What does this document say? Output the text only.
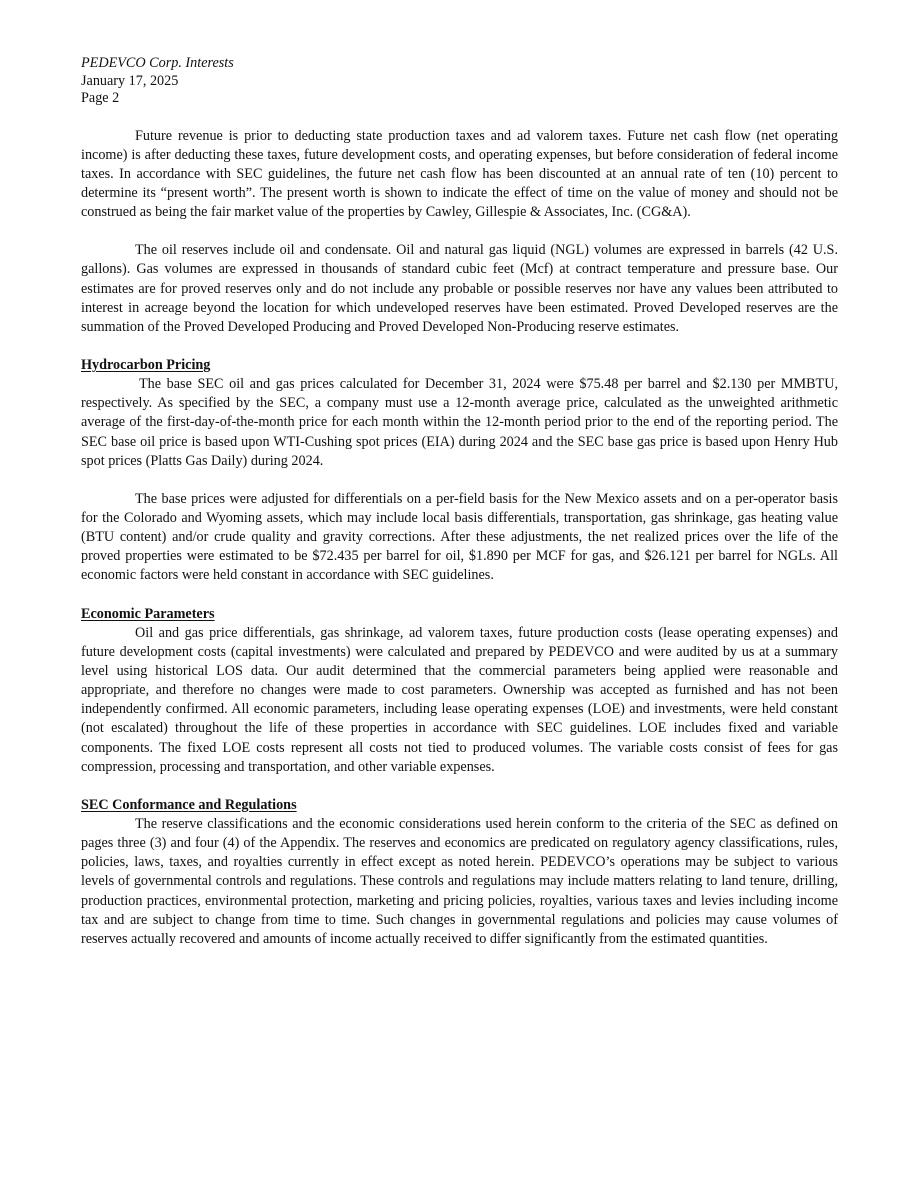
PEDEVCO Corp. Interests
January 17, 2025
Page 2

Future revenue is prior to deducting state production taxes and ad valorem taxes. Future net cash flow (net operating income) is after deducting these taxes, future development costs, and operating expenses, but before consideration of federal income taxes. In accordance with SEC guidelines, the future net cash flow has been discounted at an annual rate of ten (10) percent to determine its “present worth”. The present worth is shown to indicate the effect of time on the value of money and should not be construed as being the fair market value of the properties by Cawley, Gillespie & Associates, Inc. (CG&A).

The oil reserves include oil and condensate. Oil and natural gas liquid (NGL) volumes are expressed in barrels (42 U.S. gallons). Gas volumes are expressed in thousands of standard cubic feet (Mcf) at contract temperature and pressure base. Our estimates are for proved reserves only and do not include any probable or possible reserves nor have any values been attributed to interest in acreage beyond the location for which undeveloped reserves have been estimated. Proved Developed reserves are the summation of the Proved Developed Producing and Proved Developed Non-Producing reserve estimates.

Hydrocarbon Pricing

The base SEC oil and gas prices calculated for December 31, 2024 were $75.48 per barrel and $2.130 per MMBTU, respectively. As specified by the SEC, a company must use a 12-month average price, calculated as the unweighted arithmetic average of the first-day-of-the-month price for each month within the 12-month period prior to the end of the reporting period. The SEC base oil price is based upon WTI-Cushing spot prices (EIA) during 2024 and the SEC base gas price is based upon Henry Hub spot prices (Platts Gas Daily) during 2024.

The base prices were adjusted for differentials on a per-field basis for the New Mexico assets and on a per-operator basis for the Colorado and Wyoming assets, which may include local basis differentials, transportation, gas shrinkage, gas heating value (BTU content) and/or crude quality and gravity corrections. After these adjustments, the net realized prices over the life of the proved properties were estimated to be $72.435 per barrel for oil, $1.890 per MCF for gas, and $26.121 per barrel for NGLs. All economic factors were held constant in accordance with SEC guidelines.

Economic Parameters

Oil and gas price differentials, gas shrinkage, ad valorem taxes, future production costs (lease operating expenses) and future development costs (capital investments) were calculated and prepared by PEDEVCO and were audited by us at a summary level using historical LOS data. Our audit determined that the commercial parameters being applied were reasonable and appropriate, and therefore no changes were made to cost parameters. Ownership was accepted as furnished and has not been independently confirmed. All economic parameters, including lease operating expenses (LOE) and investments, were held constant (not escalated) throughout the life of these properties in accordance with SEC guidelines. LOE includes fixed and variable components. The fixed LOE costs represent all costs not tied to produced volumes. The variable costs consist of fees for gas compression, processing and transportation, and other variable expenses.

SEC Conformance and Regulations

The reserve classifications and the economic considerations used herein conform to the criteria of the SEC as defined on pages three (3) and four (4) of the Appendix. The reserves and economics are predicated on regulatory agency classifications, rules, policies, laws, taxes, and royalties currently in effect except as noted herein. PEDEVCO’s operations may be subject to various levels of governmental controls and regulations. These controls and regulations may include matters relating to land tenure, drilling, production practices, environmental protection, marketing and pricing policies, royalties, various taxes and levies including income tax and are subject to change from time to time. Such changes in governmental regulations and policies may cause volumes of reserves actually recovered and amounts of income actually received to differ significantly from the estimated quantities.
